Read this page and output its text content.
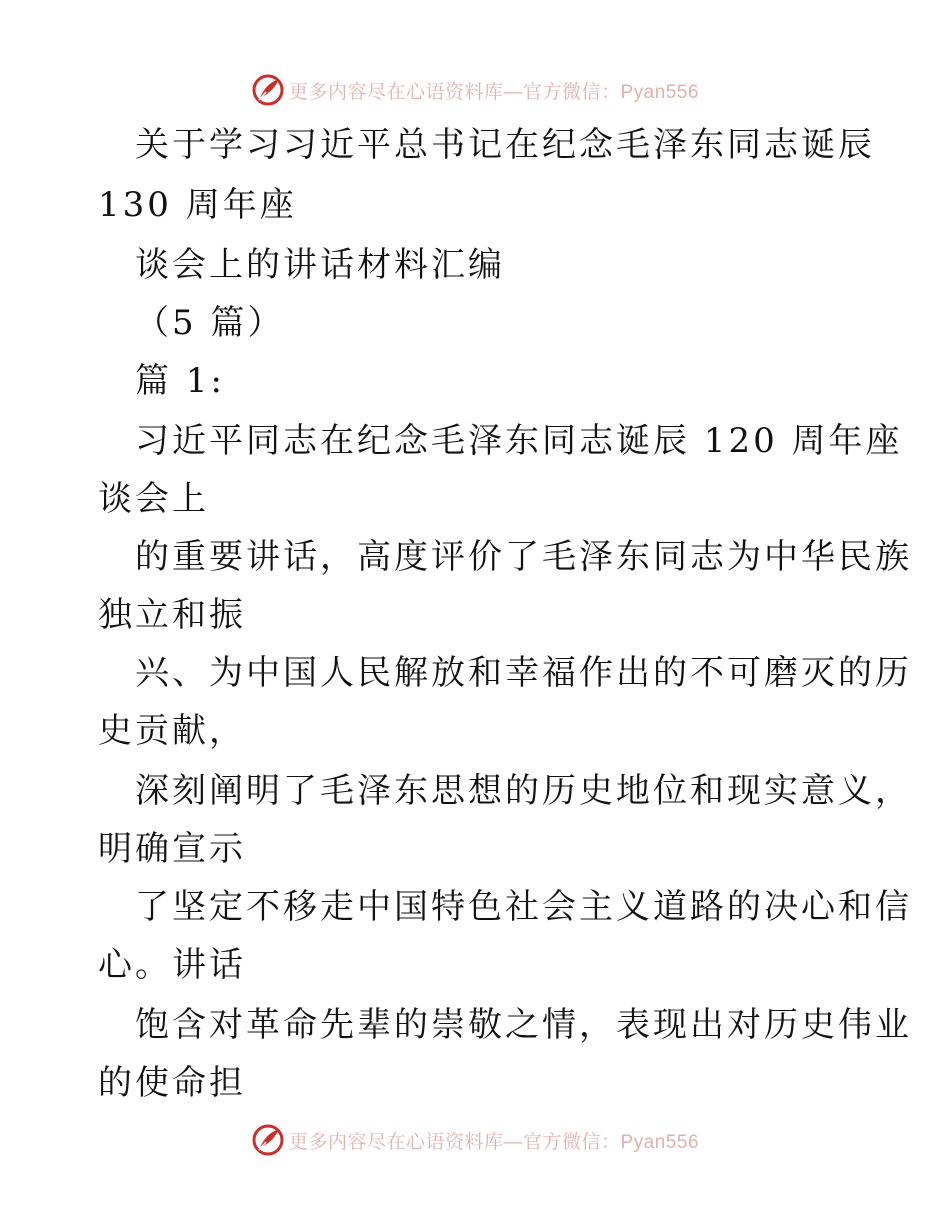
更多内容尽在心语资料库—官方微信：Pyan556
关于学习习近平总书记在纪念毛泽东同志诞辰
130 周年座
谈会上的讲话材料汇编
（5 篇）
篇 1:
习近平同志在纪念毛泽东同志诞辰 120 周年座
谈会上
的重要讲话，高度评价了毛泽东同志为中华民族
独立和振
兴、为中国人民解放和幸福作出的不可磨灭的历
史贡献，
深刻阐明了毛泽东思想的历史地位和现实意义，
明确宣示
了坚定不移走中国特色社会主义道路的决心和信
心。讲话
饱含对革命先辈的崇敬之情，表现出对历史伟业
的使命担
更多内容尽在心语资料库—官方微信：Pyan556
